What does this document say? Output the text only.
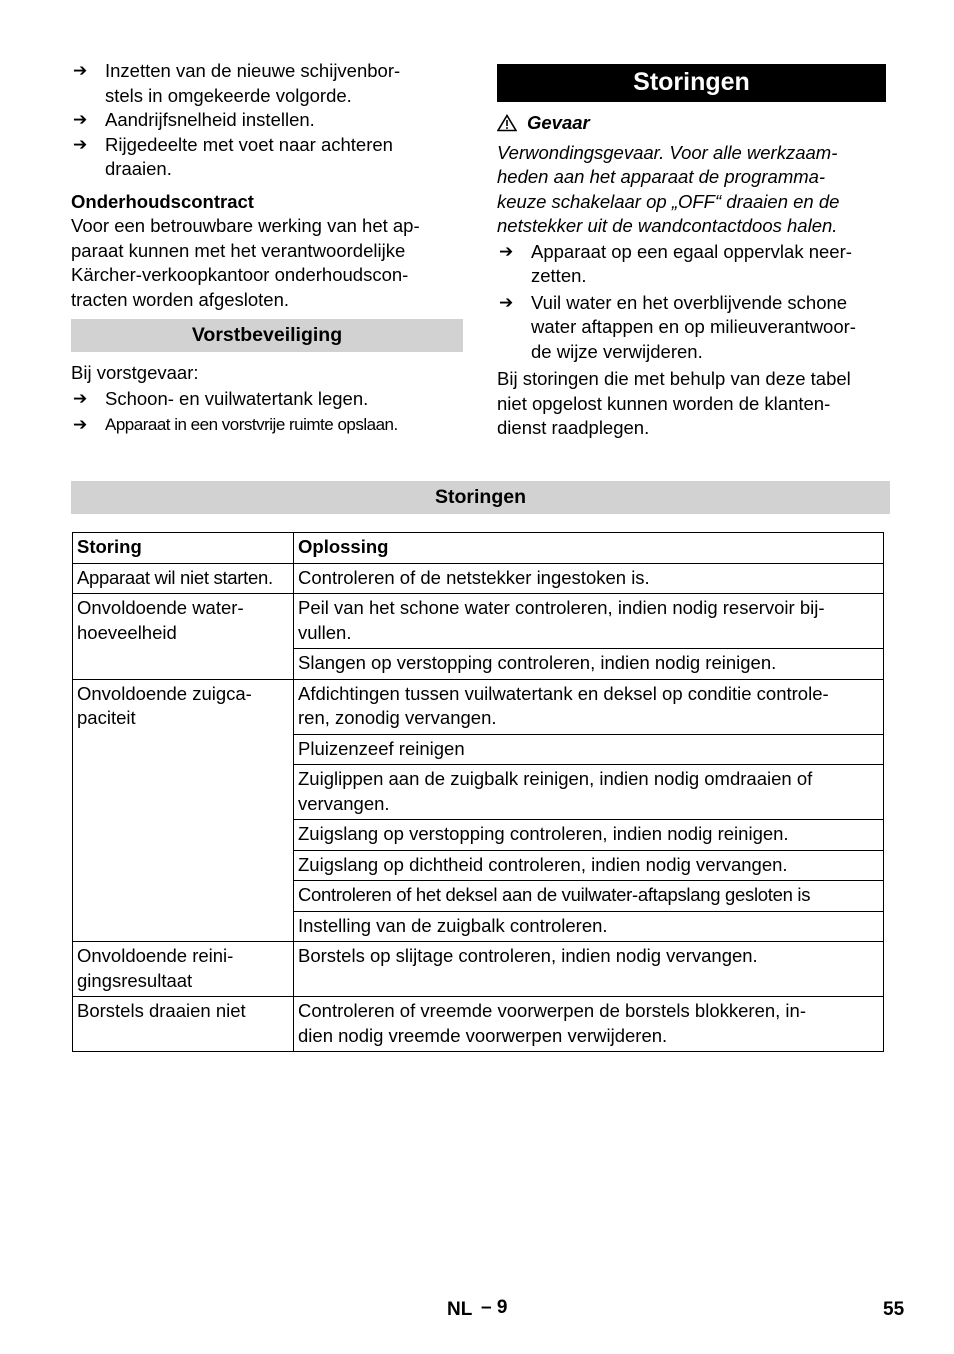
➔ Inzetten van de nieuwe schijvenbor-
stels in omgekeerde volgorde.
➔ Aandrijfsnelheid instellen.
➔ Rijgedeelte met voet naar achteren
draaien.
Onderhoudscontract
Voor een betrouwbare werking van het ap-
paraat kunnen met het verantwoordelijke
Kärcher-verkoopkantoor onderhoudscon-
tracten worden afgesloten.
Vorstbeveiliging
Bij vorstgevaar:
➔ Schoon- en vuilwatertank legen.
➔	Apparaat in een vorstvrije ruimte opslaan.
Storingen
Gevaar
Verwondingsgevaar. Voor alle werkzaam-
heden aan het apparaat de programma-
keuze schakelaar op „OFF“ draaien en de
netstekker uit de wandcontactdoos halen.
➔ Apparaat op een egaal oppervlak neer-
zetten.
➔ Vuil water en het overblijvende schone
water aftappen en op milieuverantwoor-
de wijze verwijderen.
Bij storingen die met behulp van deze tabel
niet opgelost kunnen worden de klanten-
dienst raadplegen.
Storingen
Storing	Oplossing
Apparaat wil niet starten.	Controleren of de netstekker ingestoken is.
Onvoldoende water-
hoeveelheid	Peil van het schone water controleren, indien nodig reservoir bij-
vullen.
	Slangen op verstopping controleren, indien nodig reinigen.
Onvoldoende zuigca-
paciteit	Afdichtingen tussen vuilwatertank en deksel op conditie controle-
ren, zonodig vervangen.
	Pluizenzeef reinigen
	Zuiglippen aan de zuigbalk reinigen, indien nodig omdraaien of
vervangen.
	Zuigslang op verstopping controleren, indien nodig reinigen.
	Zuigslang op dichtheid controleren, indien nodig vervangen.
	Controleren of het deksel aan de vuilwater-aftapslang gesloten is
	Instelling van de zuigbalk controleren.
Onvoldoende reini-
gingsresultaat	Borstels op slijtage controleren, indien nodig vervangen.

Borstels draaien niet	Controleren of vreemde voorwerpen de borstels blokkeren, in-
dien nodig vreemde voorwerpen verwijderen.
NL – 9	55
